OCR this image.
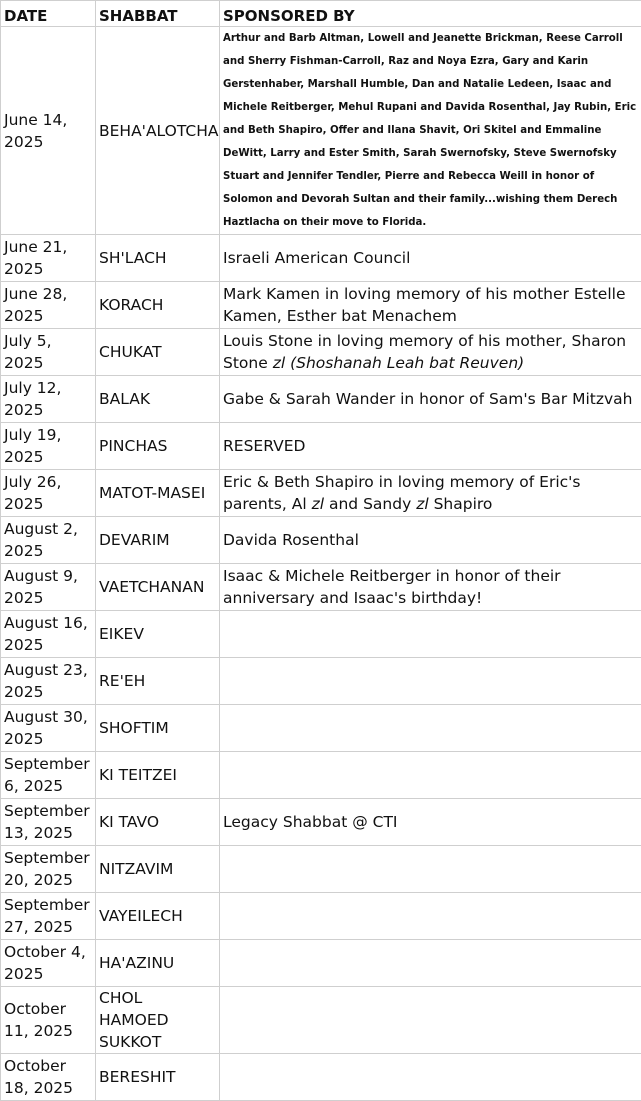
DATE	SHABBAT	SPONSORED BY
June 14, 2025	BEHA'ALOTCHA	Arthur and Barb Altman, Lowell and Jeanette Brickman, Reese Carroll and Sherry Fishman-Carroll, Raz and Noya Ezra, Gary and Karin Gerstenhaber, Marshall Humble, Dan and Natalie Ledeen, Isaac and Michele Reitberger, Mehul Rupani and Davida Rosenthal, Jay Rubin, Eric and Beth Shapiro, Offer and Ilana Shavit, Ori Skitel and Emmaline DeWitt, Larry and Ester Smith, Sarah Swernofsky, Steve Swernofsky Stuart and Jennifer Tendler, Pierre and Rebecca Weill in honor of Solomon and Devorah Sultan and their family...wishing them Derech Haztlacha on their move to Florida.

June 21, 2025	SH'LACH	Israeli American Council
June 28, 2025	KORACH	Mark Kamen in loving memory of his mother Estelle Kamen, Esther bat Menachem
July 5, 2025	CHUKAT	Louis Stone in loving memory of his mother, Sharon Stone zl (Shoshanah Leah bat Reuven)
July 12, 2025	BALAK	Gabe & Sarah Wander in honor of Sam's Bar Mitzvah
July 19, 2025	PINCHAS	RESERVED
July 26, 2025	MATOT-MASEI	Eric & Beth Shapiro in loving memory of Eric's parents, Al zl and Sandy zl Shapiro
August 2, 2025	DEVARIM	Davida Rosenthal
August 9, 2025	VAETCHANAN	Isaac & Michele Reitberger in honor of their anniversary and Isaac's birthday!
August 16, 2025	EIKEV	
August 23, 2025	RE'EH	
August 30, 2025	SHOFTIM	
September 6, 2025	KI TEITZEI	
September 13, 2025	KI TAVO	Legacy Shabbat @ CTI
September 20, 2025	NITZAVIM	
September 27, 2025	VAYEILECH	
October 4, 2025	HA'AZINU	
October 11, 2025	CHOL HAMOED SUKKOT	
October 18, 2025	BERESHIT	
